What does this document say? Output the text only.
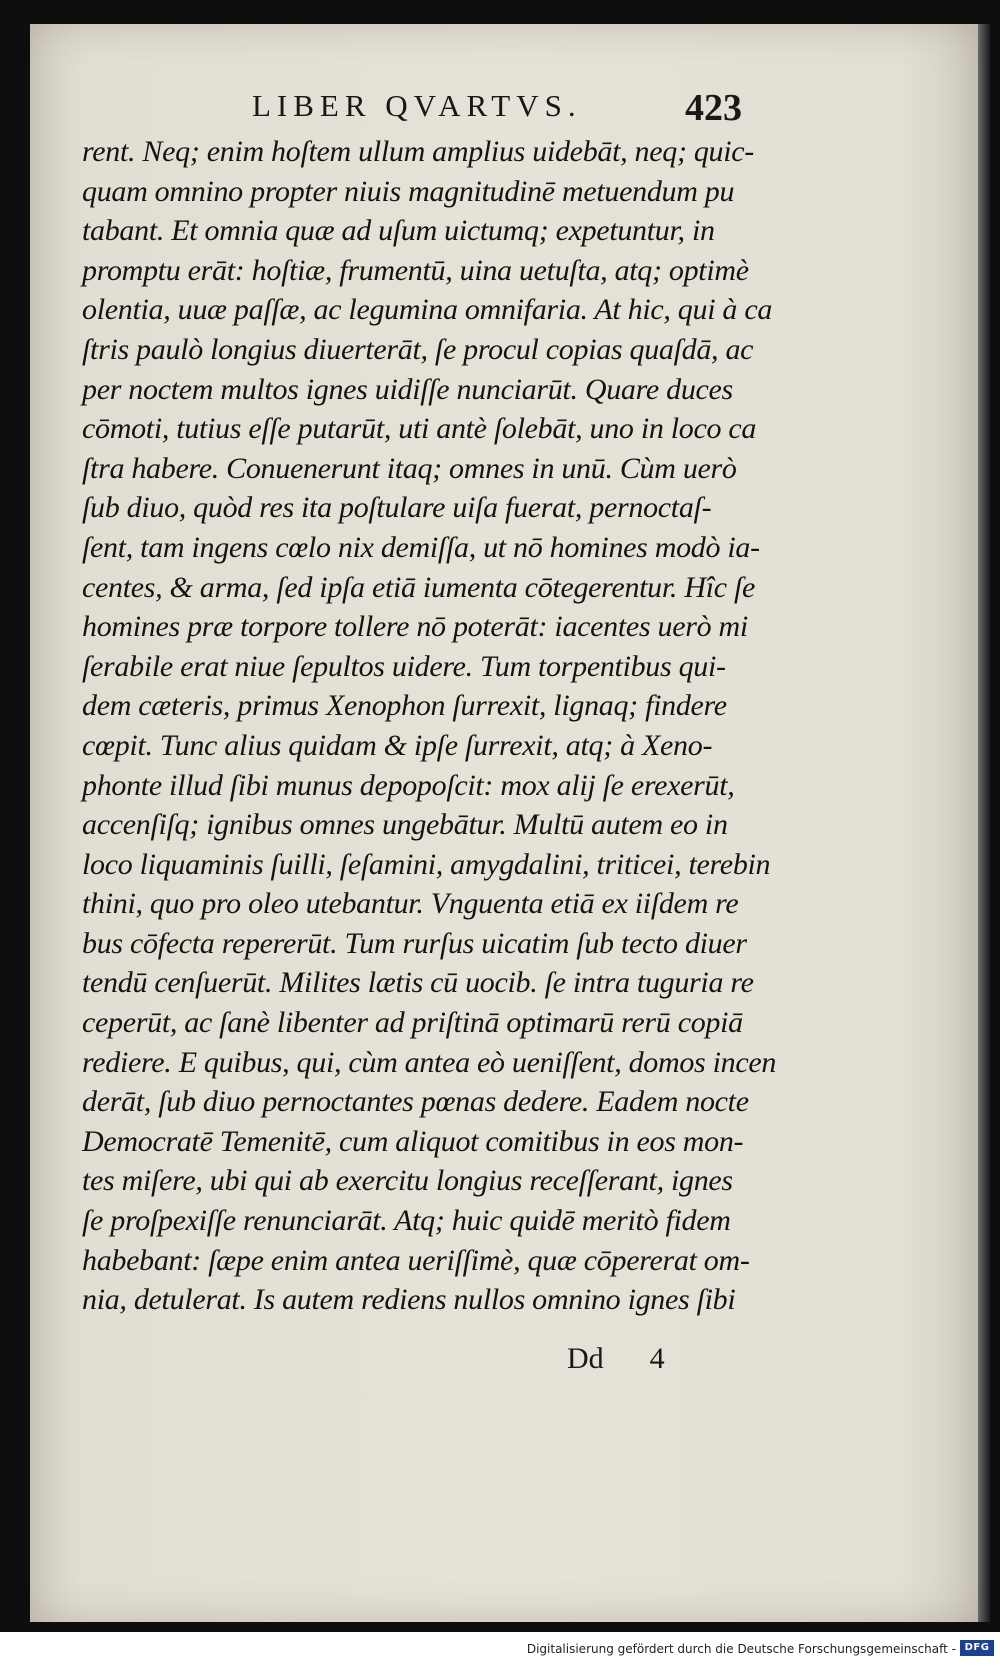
LIBER QVARTVS.	423
rent. Neq; enim hoſtem ullum amplius uidebāt, neq; quic-
quam omnino propter niuis magnitudinē metuendum pu
tabant. Et omnia quæ ad uſum uictumq; expetuntur, in
promptu erāt: hoſtiæ, frumentū, uina uetuſta, atq; optimè
olentia, uuæ paſſæ, ac legumina omnifaria. At hic, qui à ca
ſtris paulò longius diuerterāt, ſe procul copias quaſdā, ac
per noctem multos ignes uidiſſe nunciarūt. Quare duces
cōmoti, tutius eſſe putarūt, uti antè ſolebāt, uno in loco ca
ſtra habere. Conuenerunt itaq; omnes in unū. Cùm uerò
ſub diuo, quòd res ita poſtulare uiſa fuerat, pernoctaſ-
ſent, tam ingens cœlo nix demiſſa, ut nō homines modò ia-
centes, & arma, ſed ipſa etiā iumenta cōtegerentur. Hîc ſe
homines præ torpore tollere nō poterāt: iacentes uerò mi
ſerabile erat niue ſepultos uidere. Tum torpentibus qui-
dem cæteris, primus Xenophon ſurrexit, lignaq; findere
cœpit. Tunc alius quidam & ipſe ſurrexit, atq; à Xeno-
phonte illud ſibi munus depopoſcit: mox alij ſe erexerūt,
accenſiſq; ignibus omnes ungebātur. Multū autem eo in
loco liquaminis ſuilli, ſeſamini, amygdalini, triticei, terebin
thini, quo pro oleo utebantur. Vnguenta etiā ex iiſdem re
bus cōfecta repererūt. Tum rurſus uicatim ſub tecto diuer
tendū cenſuerūt. Milites lætis cū uocib. ſe intra tuguria re
ceperūt, ac ſanè libenter ad priſtinā optimarū rerū copiā
rediere. E quibus, qui, cùm antea eò ueniſſent, domos incen
derāt, ſub diuo pernoctantes pœnas dedere. Eadem nocte
Democratē Temenitē, cum aliquot comitibus in eos mon-
tes miſere, ubi qui ab exercitu longius receſſerant, ignes
ſe proſpexiſſe renunciarāt. Atq; huic quidē meritò fidem
habebant: ſæpe enim antea ueriſſimè, quæ cōpererat om-
nia, detulerat. Is autem rediens nullos omnino ignes ſibi
Dd 4
Digitalisierung gefördert durch die Deutsche Forschungsgemeinschaft - DFG
